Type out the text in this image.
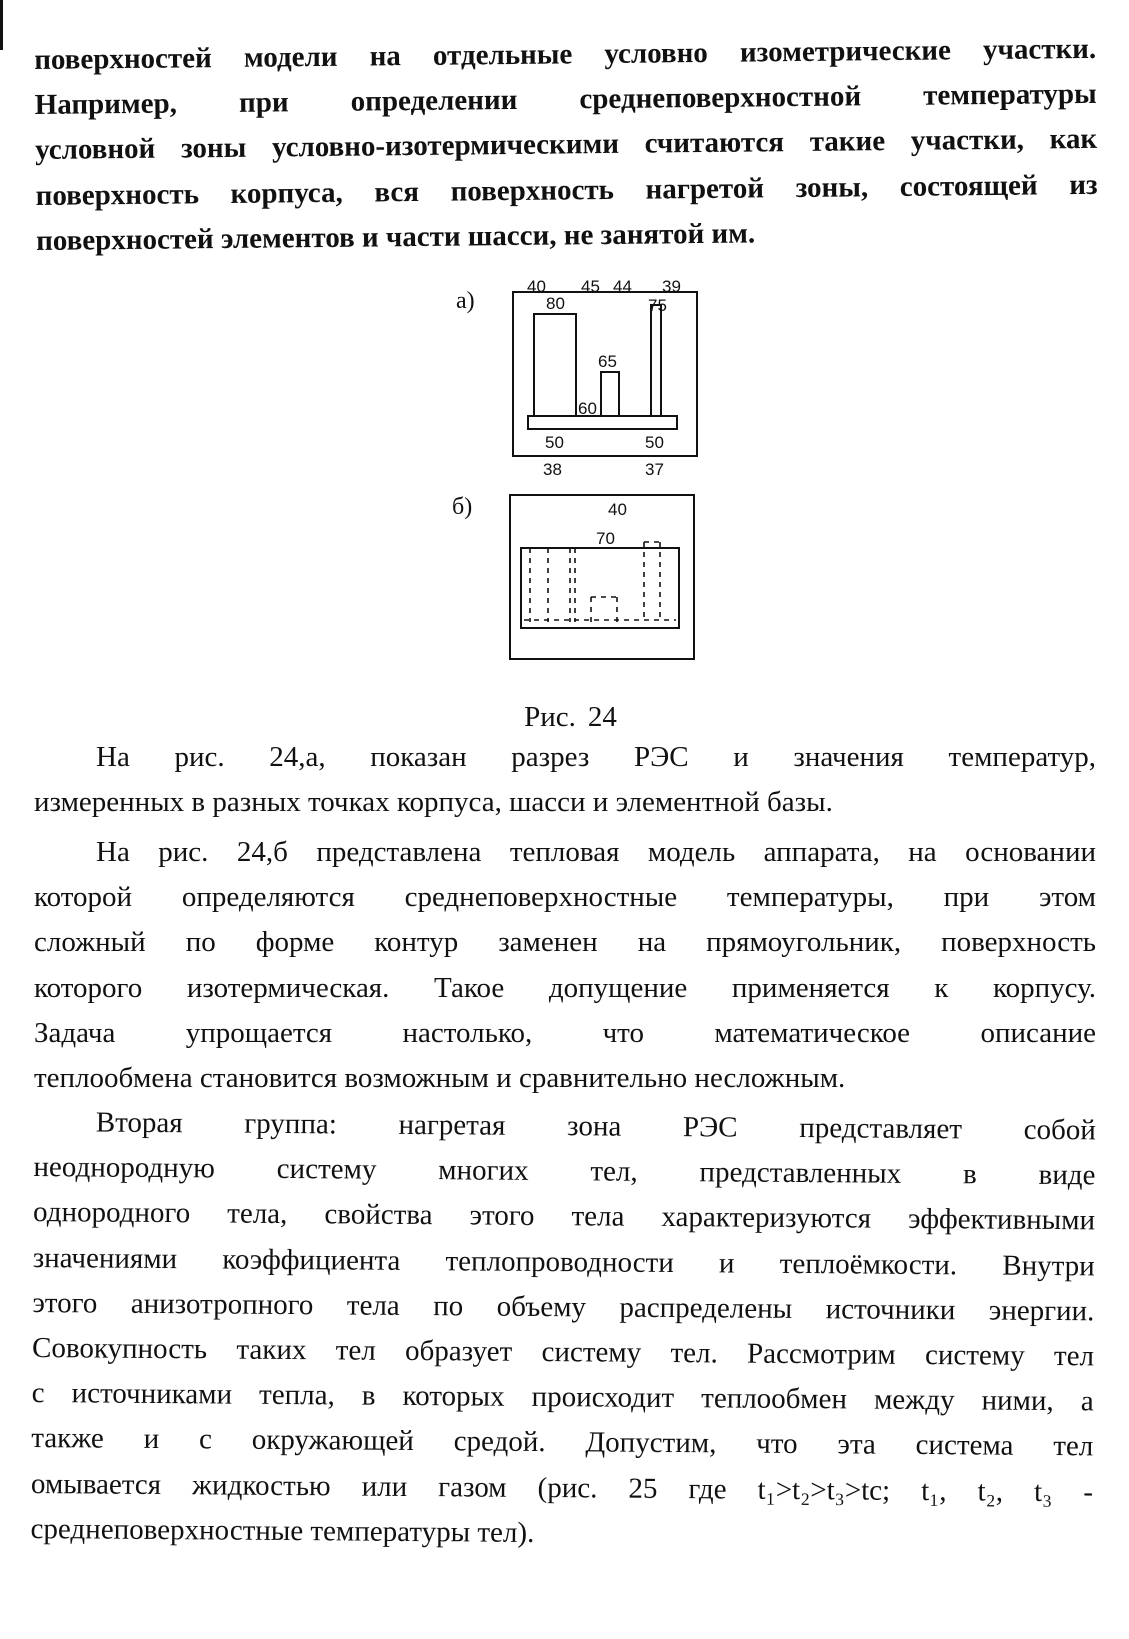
поверхностей модели на отдельные условно изометрические участки.
Например, при определении среднеповерхностной температуры
условной зоны условно-изотермическими считаются такие участки, как
поверхность корпуса, вся поверхность нагретой зоны, состоящей из
поверхностей элементов и части шасси, не занятой им.
а)
б)
40 45 44 39
80	75
65
60
50	50
38	37
40
70
Рис. 24
На рис. 24,а, показан разрез РЭС и значения температур,
измеренных в разных точках корпуса, шасси и элементной базы.
На рис. 24,б представлена тепловая модель аппарата, на основании
которой определяются среднеповерхностные температуры, при этом
сложный по форме контур заменен на прямоугольник, поверхность
которого изотермическая. Такое допущение применяется к корпусу.
Задача упрощается настолько, что математическое описание
теплообмена становится возможным и сравнительно несложным.
Вторая группа: нагретая зона РЭС представляет собой
неоднородную систему многих тел, представленных в виде
однородного тела, свойства этого тела характеризуются эффективными
значениями коэффициента теплопроводности и теплоёмкости. Внутри
этого анизотропного тела по объему распределены источники энергии.
Совокупность таких тел образует систему тел. Рассмотрим систему тел
с источниками тепла, в которых происходит теплообмен между ними, а
также и с окружающей средой. Допустим, что эта система тел
омывается жидкостью или газом (рис. 25 где t₁>t₂>t₃>tc; t₁, t₂, t₃ -
среднеповерхностные температуры тел).
